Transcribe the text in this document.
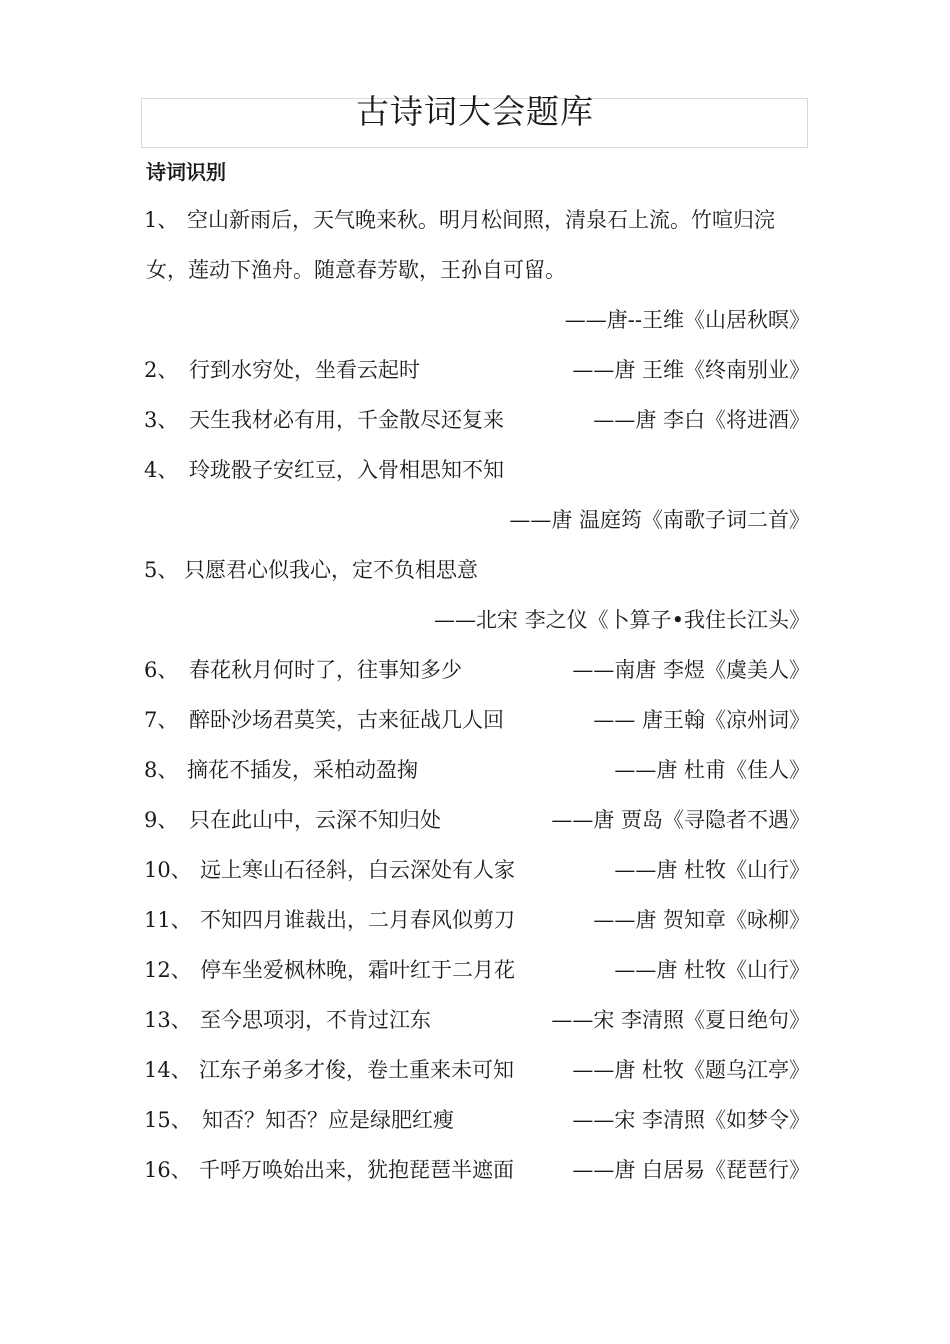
古诗词大会题库
诗词识别
1、 空山新雨后，天气晚来秋。明月松间照，清泉石上流。竹喧归浣
女，莲动下渔舟。随意春芳歇，王孙自可留。
——唐--王维《山居秋暝》
2、 行到水穷处，坐看云起时	——唐 王维《终南别业》
3、 天生我材必有用，千金散尽还复来	——唐 李白《将进酒》
4、 玲珑骰子安红豆，入骨相思知不知
——唐 温庭筠《南歌子词二首》
5、 只愿君心似我心，定不负相思意
——北宋 李之仪《卜算子•我住长江头》
6、 春花秋月何时了，往事知多少	——南唐 李煜《虞美人》
7、 醉卧沙场君莫笑，古来征战几人回	—— 唐王翰《凉州词》
8、 摘花不插发，采柏动盈掬	——唐 杜甫《佳人》
9、 只在此山中，云深不知归处	——唐 贾岛《寻隐者不遇》
10、 远上寒山石径斜，白云深处有人家	——唐 杜牧《山行》
11、 不知四月谁裁出，二月春风似剪刀	——唐 贺知章《咏柳》
12、 停车坐爱枫林晚，霜叶红于二月花	——唐 杜牧《山行》
13、 至今思项羽，不肯过江东	——宋 李清照《夏日绝句》
14、 江东子弟多才俊，卷土重来未可知	——唐 杜牧《题乌江亭》
15、 知否？知否？应是绿肥红瘦	——宋 李清照《如梦令》
16、 千呼万唤始出来，犹抱琵琶半遮面	——唐 白居易《琵琶行》
